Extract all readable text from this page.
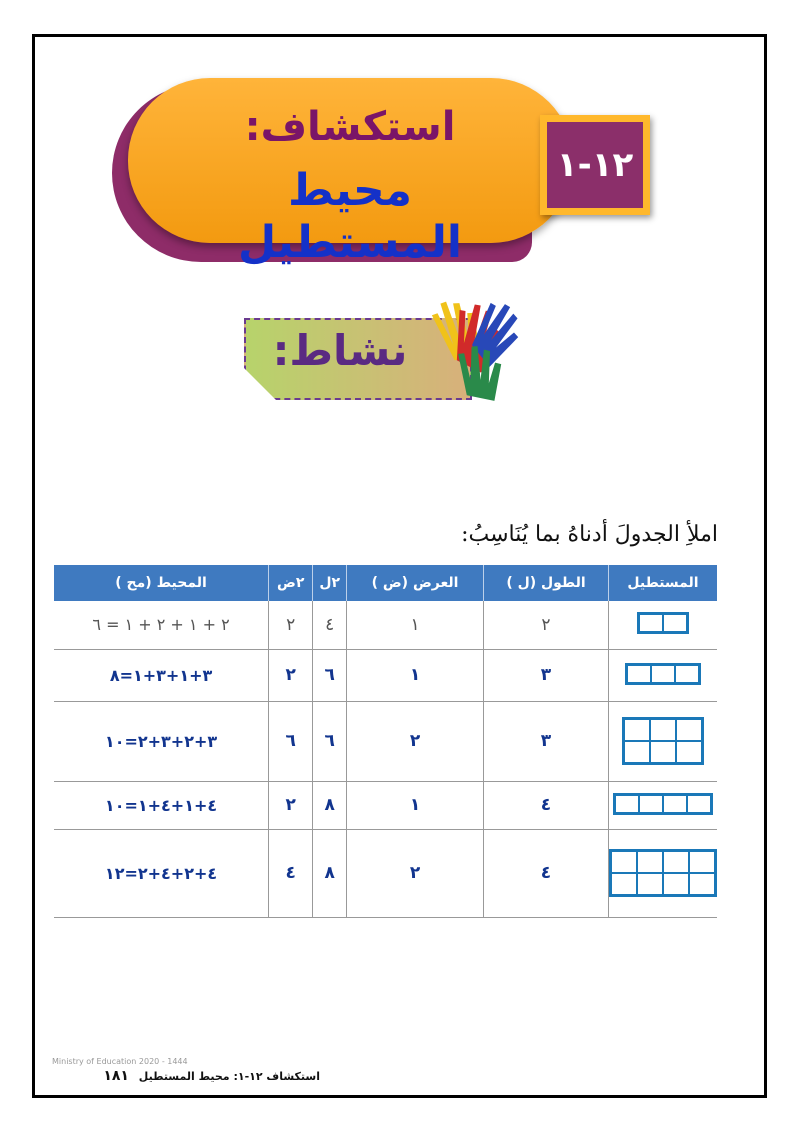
استكشاف:
محيط المستطيل
١٢-١
نشاط:
املأِ الجدولَ أدناهُ بما يُنَاسِبُ:
المستطيل	الطول (ل )	العرض (ض )	٢ل	٢ض	المحيط (مح )

	٢	١	٤	٢	٢ + ١ + ٢ + ١ = ٦

	٣	١	٦	٢	٣+١+٣+١=٨

	٣	٢	٦	٦	٣+٢+٣+٢=١٠

	٤	١	٨	٢	٤+١+٤+١=١٠

	٤	٢	٨	٤	٤+٢+٤+٢=١٢
Ministry of Education 2020 - 1444
استكشاف ١٢-١: محيط المستطيل ١٨١
